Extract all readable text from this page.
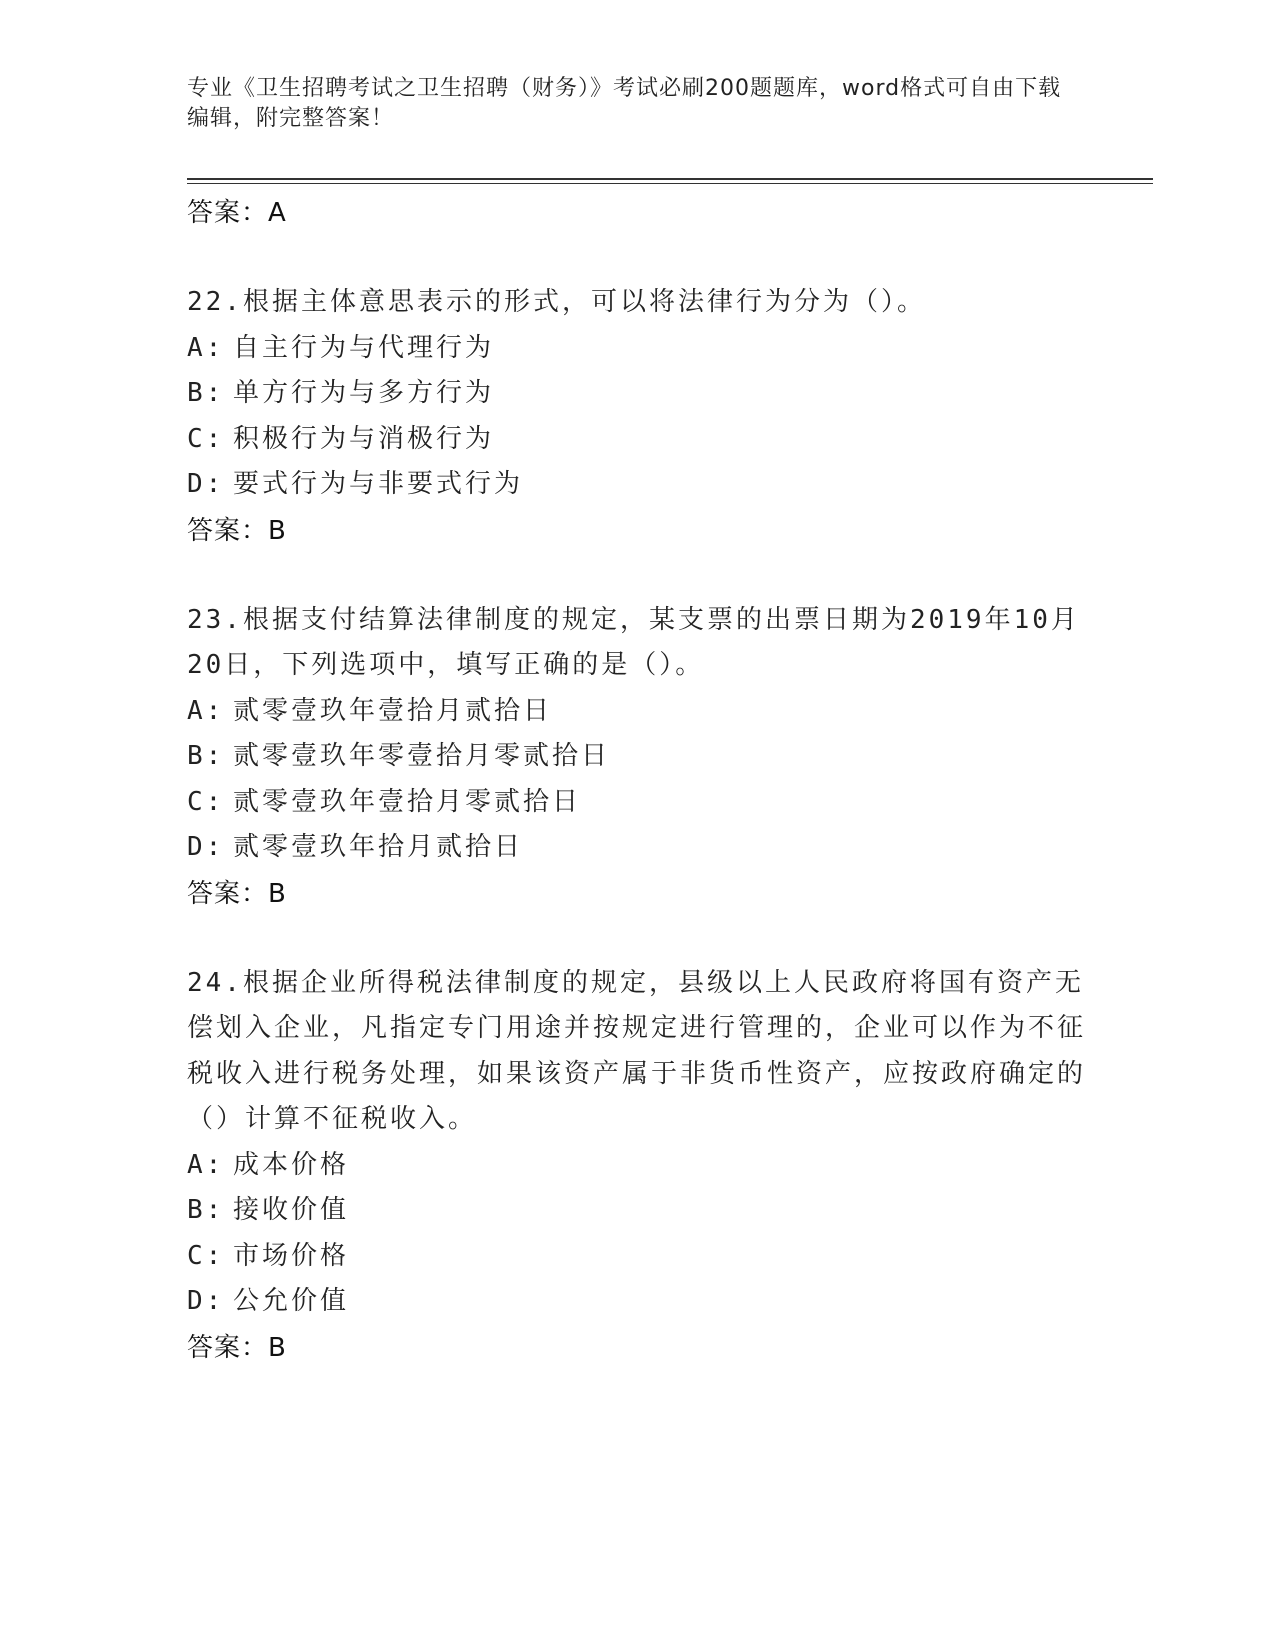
专业《卫生招聘考试之卫生招聘（财务）》考试必刷200题题库，word格式可自由下载编辑，附完整答案！
答案：A
22.根据主体意思表示的形式，可以将法律行为分为（）。
A: 自主行为与代理行为
B: 单方行为与多方行为
C: 积极行为与消极行为
D: 要式行为与非要式行为
答案：B
23.根据支付结算法律制度的规定，某支票的出票日期为2019年10月20日，下列选项中，填写正确的是（）。
A: 贰零壹玖年壹拾月贰拾日
B: 贰零壹玖年零壹拾月零贰拾日
C: 贰零壹玖年壹拾月零贰拾日
D: 贰零壹玖年拾月贰拾日
答案：B
24.根据企业所得税法律制度的规定，县级以上人民政府将国有资产无偿划入企业，凡指定专门用途并按规定进行管理的，企业可以作为不征税收入进行税务处理，如果该资产属于非货币性资产，应按政府确定的（）计算不征税收入。
A: 成本价格
B: 接收价值
C: 市场价格
D: 公允价值
答案：B
